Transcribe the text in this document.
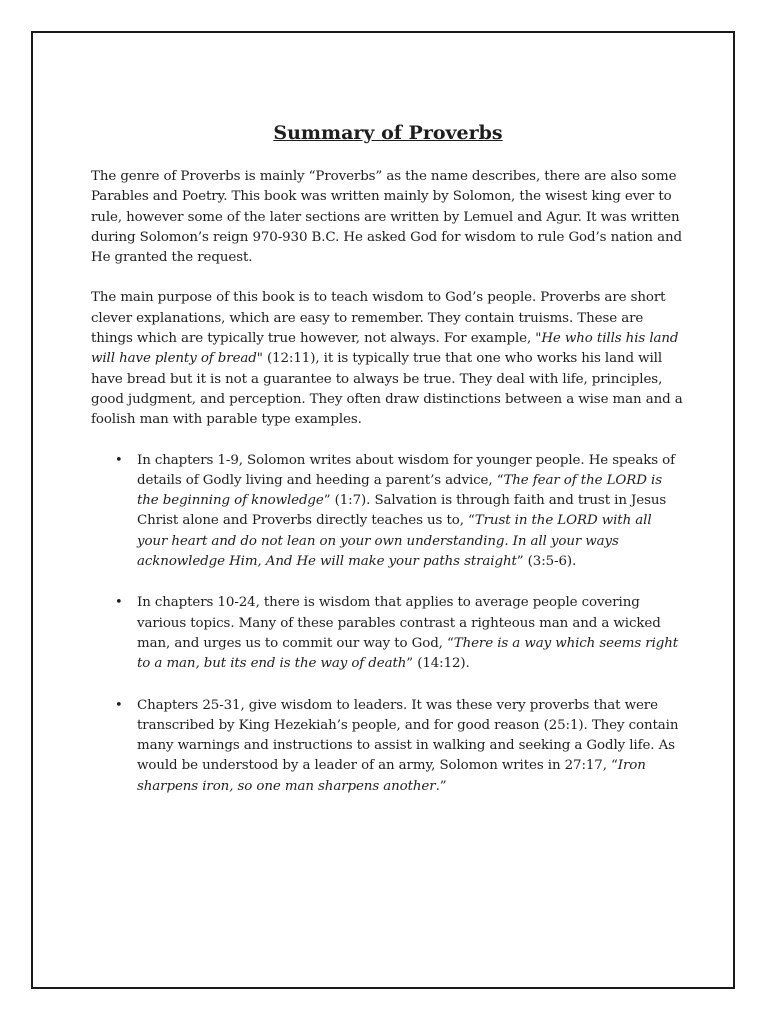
Summary of Proverbs

The genre of Proverbs is mainly “Proverbs” as the name describes, there are also some Parables and Poetry. This book was written mainly by Solomon, the wisest king ever to rule, however some of the later sections are written by Lemuel and Agur. It was written during Solomon’s reign 970-930 B.C. He asked God for wisdom to rule God’s nation and He granted the request.

The main purpose of this book is to teach wisdom to God’s people. Proverbs are short clever explanations, which are easy to remember. They contain truisms. These are things which are typically true however, not always. For example, "He who tills his land will have plenty of bread" (12:11), it is typically true that one who works his land will have bread but it is not a guarantee to always be true. They deal with life, principles, good judgment, and perception. They often draw distinctions between a wise man and a foolish man with parable type examples.

• In chapters 1-9, Solomon writes about wisdom for younger people. He speaks of details of Godly living and heeding a parent’s advice, “The fear of the LORD is the beginning of knowledge” (1:7). Salvation is through faith and trust in Jesus Christ alone and Proverbs directly teaches us to, “Trust in the LORD with all your heart and do not lean on your own understanding. In all your ways acknowledge Him, And He will make your paths straight” (3:5-6).
• In chapters 10-24, there is wisdom that applies to average people covering various topics. Many of these parables contrast a righteous man and a wicked man, and urges us to commit our way to God, “There is a way which seems right to a man, but its end is the way of death” (14:12).
• Chapters 25-31, give wisdom to leaders. It was these very proverbs that were transcribed by King Hezekiah’s people, and for good reason (25:1). They contain many warnings and instructions to assist in walking and seeking a Godly life. As would be understood by a leader of an army, Solomon writes in 27:17, “Iron sharpens iron, so one man sharpens another.”
